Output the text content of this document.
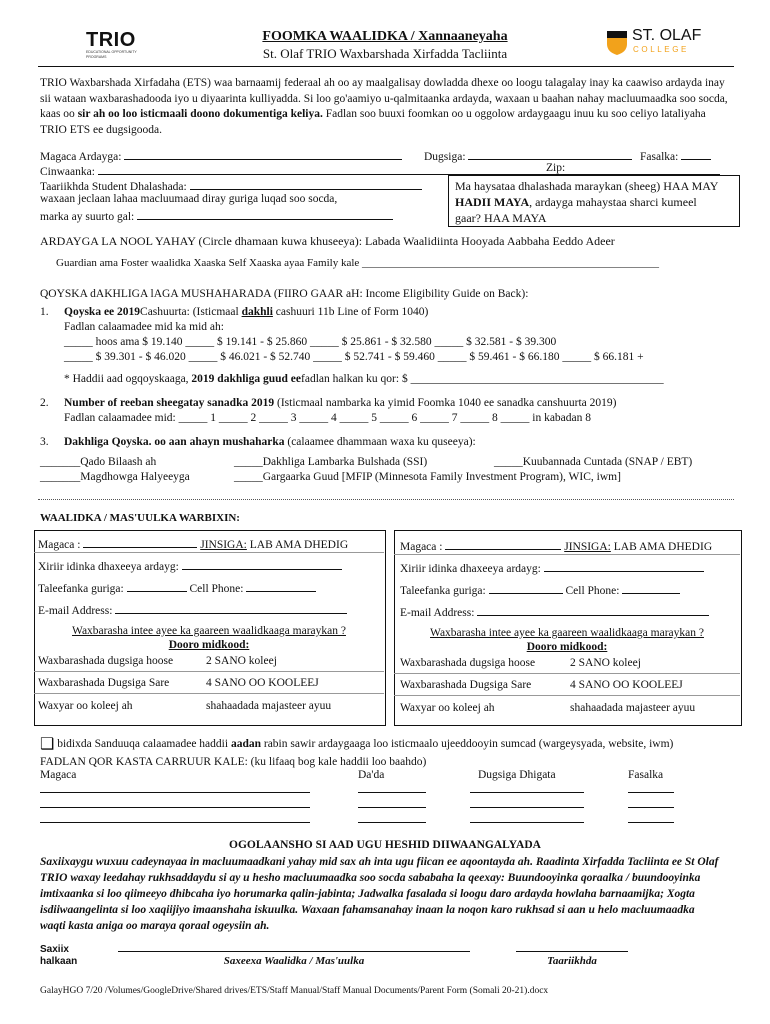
TRIO
EDUCATIONAL OPPORTUNITY PROGRAMS
FOOMKA WAALIDKA / Xannaaneyaha
St. Olaf TRIO Waxbarshada Xirfadda Tacliinta
ST. OLAF
COLLEGE
TRIO Waxbarshada Xirfadaha (ETS) waa barnaamij federaal ah oo ay maalgalisay dowladda dhexe oo loogu talagalay inay ka caawiso ardayda inay sii wataan waxbarashadooda iyo u diyaarinta kulliyadda. Si loo go'aamiyo u-qalmitaanka ardayda, waxaan u baahan nahay macluumaadka soo socda, kaas oo sir ah oo loo isticmaali doono dokumentiga keliya. Fadlan soo buuxi foomkan oo u oggolow ardaygaagu inuu ku soo celiyo lataliyaha TRIO ETS ee dugsigooda.
Magaca Ardayga:	Dugsiga:	Fasalka:
Cinwaanka:	Zip:
Taariikhda Student Dhalashada:
waxaan jeclaan lahaa macluumaad diray guriga luqad soo socda,
marka ay suurto gal:
Ma haysataa dhalashada maraykan (sheeg) HAA MAY
HADII MAYA, ardayga mahaystaa sharci kumeel
gaar? HAA MAYA
ARDAYGA LA NOOL YAHAY (Circle dhamaan kuwa khuseeya): Labada Waalidiinta Hooyada Aabbaha Eeddo Adeer
Guardian ama Foster waalidka Xaaska Self Xaaska ayaa Family kale ______________________________________________________
QOYSKA dAKHLIGA lAGA MUSHAHARADA (FIIRO GAAR aH: Income Eligibility Guide on Back):
1. Qoyska ee 2019Cashuurta: (Isticmaal dakhli cashuuri 11b Line of Form 1040)
Fadlan calaamadee mid ka mid ah:
_____ hoos ama $ 19.140 _____ $ 19.141 - $ 25.860 _____ $ 25.861 - $ 32.580 _____ $ 32.581 - $ 39.300
_____ $ 39.301 - $ 46.020 _____ $ 46.021 - $ 52.740 _____ $ 52.741 - $ 59.460 _____ $ 59.461 - $ 66.180 _____ $ 66.181 +
* Haddii aad ogqoyskaaga, 2019 dakhliga guud eefadlan halkan ku qor: $ ____________________________________________
2. Number of reeban sheegatay sanadka 2019 (Isticmaal nambarka ka yimid Foomka 1040 ee sanadka canshuurta 2019)
Fadlan calaamadee mid: _____ 1 _____ 2 _____ 3 _____ 4 _____ 5 _____ 6 _____ 7 _____ 8 _____ in kabadan 8
3. Dakhliga Qoyska. oo aan ahayn mushaharka (calaamee dhammaan waxa ku quseeya):
_______Qado Bilaash ah	_____Dakhliga Lambarka Bulshada (SSI)	_____Kuubannada Cuntada (SNAP / EBT)
_______Magdhowga Halyeeyga	_____Gargaarka Guud [MFIP (Minnesota Family Investment Program), WIC, iwm]
WAALIDKA / MAS'UULKA WARBIXIN:
Magaca :	JINSIGA: LAB AMA DHEDIG
Xiriir idinka dhaxeeya ardayg:
Taleefanka guriga:	Cell Phone:
E-mail Address:
Waxbarasha intee ayee ka gaareen waalidkaaga maraykan ?
Dooro midkood:
Waxbarashada dugsiga hoose	2 SANO koleej
Waxbarashada Dugsiga Sare	4 SANO OO KOOLEEJ
Waxyar oo koleej ah	shahaadada majasteer ayuu
Magaca :	JINSIGA: LAB AMA DHEDIG
Xiriir idinka dhaxeeya ardayg:
Taleefanka guriga:	Cell Phone:
E-mail Address:
Waxbarasha intee ayee ka gaareen waalidkaaga maraykan ?
Dooro midkood:
Waxbarashada dugsiga hoose	2 SANO koleej
Waxbarashada Dugsiga Sare	4 SANO OO KOOLEEJ
Waxyar oo koleej ah	shahaadada majasteer ayuu
❑ bidixda Sanduuqa calaamadee haddii aadan rabin sawir ardaygaaga loo isticmaalo ujeeddooyin sumcad (wargeysyada, website, iwm)
FADLAN QOR KASTA CARRUUR KALE: (ku lifaaq bog kale haddii loo baahdo)
Magaca	Da'da	Dugsiga Dhigata	Fasalka
OGOLAANSHO SI AAD UGU HESHID DIIWAANGALYADA
Saxiixaygu wuxuu cadeynayaa in macluumaadkani yahay mid sax ah inta ugu fiican ee aqoontayda ah. Raadinta Xirfadda Tacliinta ee St Olaf TRIO waxay leedahay rukhsaddaydu si ay u hesho macluumaadka soo socda sababaha la qeexay: Buundooyinka qoraalka / buundooyinka imtixaanka si loo qiimeeyo dhibcaha iyo horumarka qalin-jabinta; Jadwalka fasalada si loogu daro ardayda howlaha barnaamijka; Xogta isdiiwaangelinta si loo xaqiijiyo imaanshaha iskuulka. Waxaan fahamsanahay inaan la noqon karo rukhsad si aan u helo macluumaadka waqti kasta aniga oo maraya qoraal ogeysiin ah.
Saxiix halkaan	Saxeexa Waalidka / Mas'uulka	Taariikhda
GalayHGO 7/20 /Volumes/GoogleDrive/Shared drives/ETS/Staff Manual/Staff Manual Documents/Parent Form (Somali 20-21).docx
